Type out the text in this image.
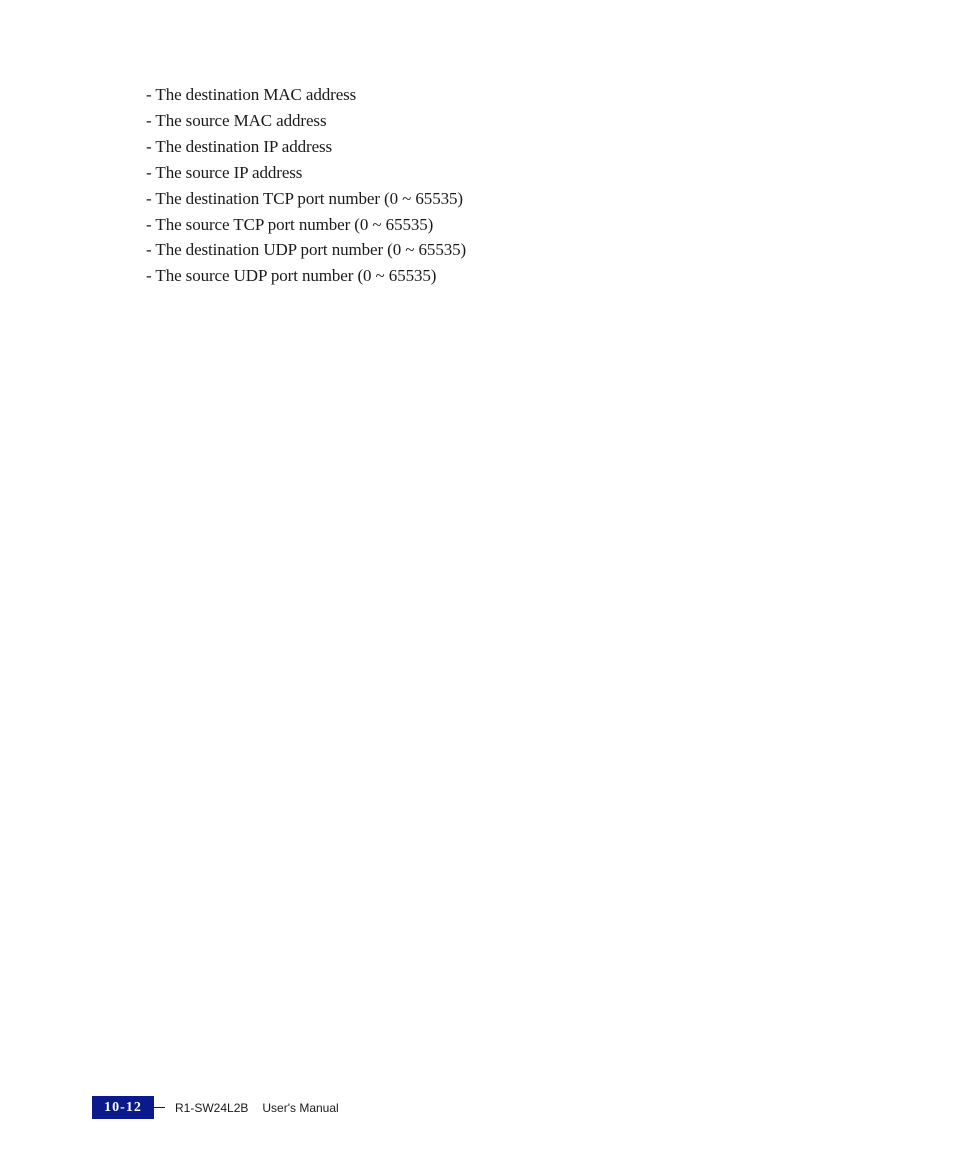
- The destination MAC address
- The source MAC address
- The destination IP address
- The source IP address
- The destination TCP port number (0 ~ 65535)
- The source TCP port number (0 ~ 65535)
- The destination UDP port number (0 ~ 65535)
- The source UDP port number (0 ~ 65535)
10-12	R1-SW24L2B User's Manual
